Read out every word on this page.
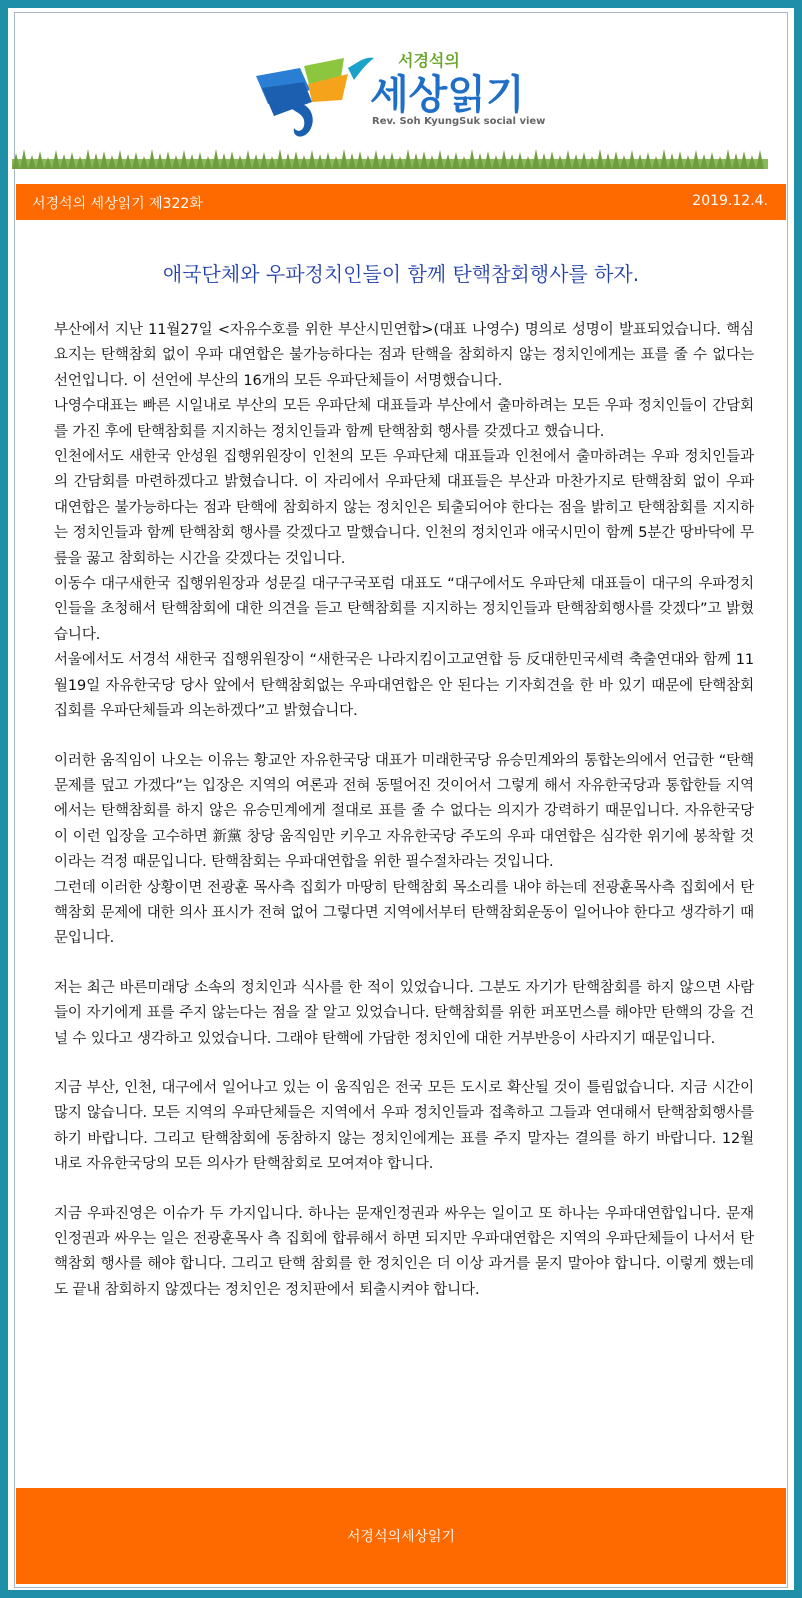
서경석의
세상읽기
Rev. Soh KyungSuk social view
서경석의 세상읽기 제322화	2019.12.4.
애국단체와 우파정치인들이 함께 탄핵참회행사를 하자.

부산에서 지난 11월27일 <자유수호를 위한 부산시민연합>(대표 나영수) 명의로 성명이 발표되었습니다. 핵심요지는 탄핵참회 없이 우파 대연합은 불가능하다는 점과 탄핵을 참회하지 않는 정치인에게는 표를 줄 수 없다는 선언입니다. 이 선언에 부산의 16개의 모든 우파단체들이 서명했습니다.

나영수대표는 빠른 시일내로 부산의 모든 우파단체 대표들과 부산에서 출마하려는 모든 우파 정치인들이 간담회를 가진 후에 탄핵참회를 지지하는 정치인들과 함께 탄핵참회 행사를 갖겠다고 했습니다.

인천에서도 새한국 안성원 집행위원장이 인천의 모든 우파단체 대표들과 인천에서 출마하려는 우파 정치인들과의 간담회를 마련하겠다고 밝혔습니다. 이 자리에서 우파단체 대표들은 부산과 마찬가지로 탄핵참회 없이 우파 대연합은 불가능하다는 점과 탄핵에 참회하지 않는 정치인은 퇴출되어야 한다는 점을 밝히고 탄핵참회를 지지하는 정치인들과 함께 탄핵참회 행사를 갖겠다고 말했습니다. 인천의 정치인과 애국시민이 함께 5분간 땅바닥에 무릎을 꿇고 참회하는 시간을 갖겠다는 것입니다.

이동수 대구새한국 집행위원장과 성문길 대구구국포럼 대표도 “대구에서도 우파단체 대표들이 대구의 우파정치인들을 초청해서 탄핵참회에 대한 의견을 듣고 탄핵참회를 지지하는 정치인들과 탄핵참회행사를 갖겠다”고 밝혔습니다.

서울에서도 서경석 새한국 집행위원장이 “새한국은 나라지킴이고교연합 등 反대한민국세력 축출연대와 함께 11월19일 자유한국당 당사 앞에서 탄핵참회없는 우파대연합은 안 된다는 기자회견을 한 바 있기 때문에 탄핵참회 집회를 우파단체들과 의논하겠다”고 밝혔습니다.

이러한 움직임이 나오는 이유는 황교안 자유한국당 대표가 미래한국당 유승민계와의 통합논의에서 언급한 “탄핵문제를 덮고 가겠다”는 입장은 지역의 여론과 전혀 동떨어진 것이어서 그렇게 해서 자유한국당과 통합한들 지역에서는 탄핵참회를 하지 않은 유승민계에게 절대로 표를 줄 수 없다는 의지가 강력하기 때문입니다. 자유한국당이 이런 입장을 고수하면 新黨 창당 움직임만 키우고 자유한국당 주도의 우파 대연합은 심각한 위기에 봉착할 것이라는 걱정 때문입니다. 탄핵참회는 우파대연합을 위한 필수절차라는 것입니다.

그런데 이러한 상황이면 전광훈 목사측 집회가 마땅히 탄핵참회 목소리를 내야 하는데 전광훈목사측 집회에서 탄핵참회 문제에 대한 의사 표시가 전혀 없어 그렇다면 지역에서부터 탄핵참회운동이 일어나야 한다고 생각하기 때문입니다.

저는 최근 바른미래당 소속의 정치인과 식사를 한 적이 있었습니다. 그분도 자기가 탄핵참회를 하지 않으면 사람들이 자기에게 표를 주지 않는다는 점을 잘 알고 있었습니다. 탄핵참회를 위한 퍼포먼스를 해야만 탄핵의 강을 건널 수 있다고 생각하고 있었습니다. 그래야 탄핵에 가담한 정치인에 대한 거부반응이 사라지기 때문입니다.

지금 부산, 인천, 대구에서 일어나고 있는 이 움직임은 전국 모든 도시로 확산될 것이 틀림없습니다. 지금 시간이 많지 않습니다. 모든 지역의 우파단체들은 지역에서 우파 정치인들과 접촉하고 그들과 연대해서 탄핵참회행사를 하기 바랍니다. 그리고 탄핵참회에 동참하지 않는 정치인에게는 표를 주지 말자는 결의를 하기 바랍니다. 12월 내로 자유한국당의 모든 의사가 탄핵참회로 모여져야 합니다.

지금 우파진영은 이슈가 두 가지입니다. 하나는 문재인정권과 싸우는 일이고 또 하나는 우파대연합입니다. 문재인정권과 싸우는 일은 전광훈목사 측 집회에 합류해서 하면 되지만 우파대연합은 지역의 우파단체들이 나서서 탄핵참회 행사를 해야 합니다. 그리고 탄핵 참회를 한 정치인은 더 이상 과거를 묻지 말아야 합니다. 이렇게 했는데도 끝내 참회하지 않겠다는 정치인은 정치판에서 퇴출시켜야 합니다.

서경석의세상읽기
